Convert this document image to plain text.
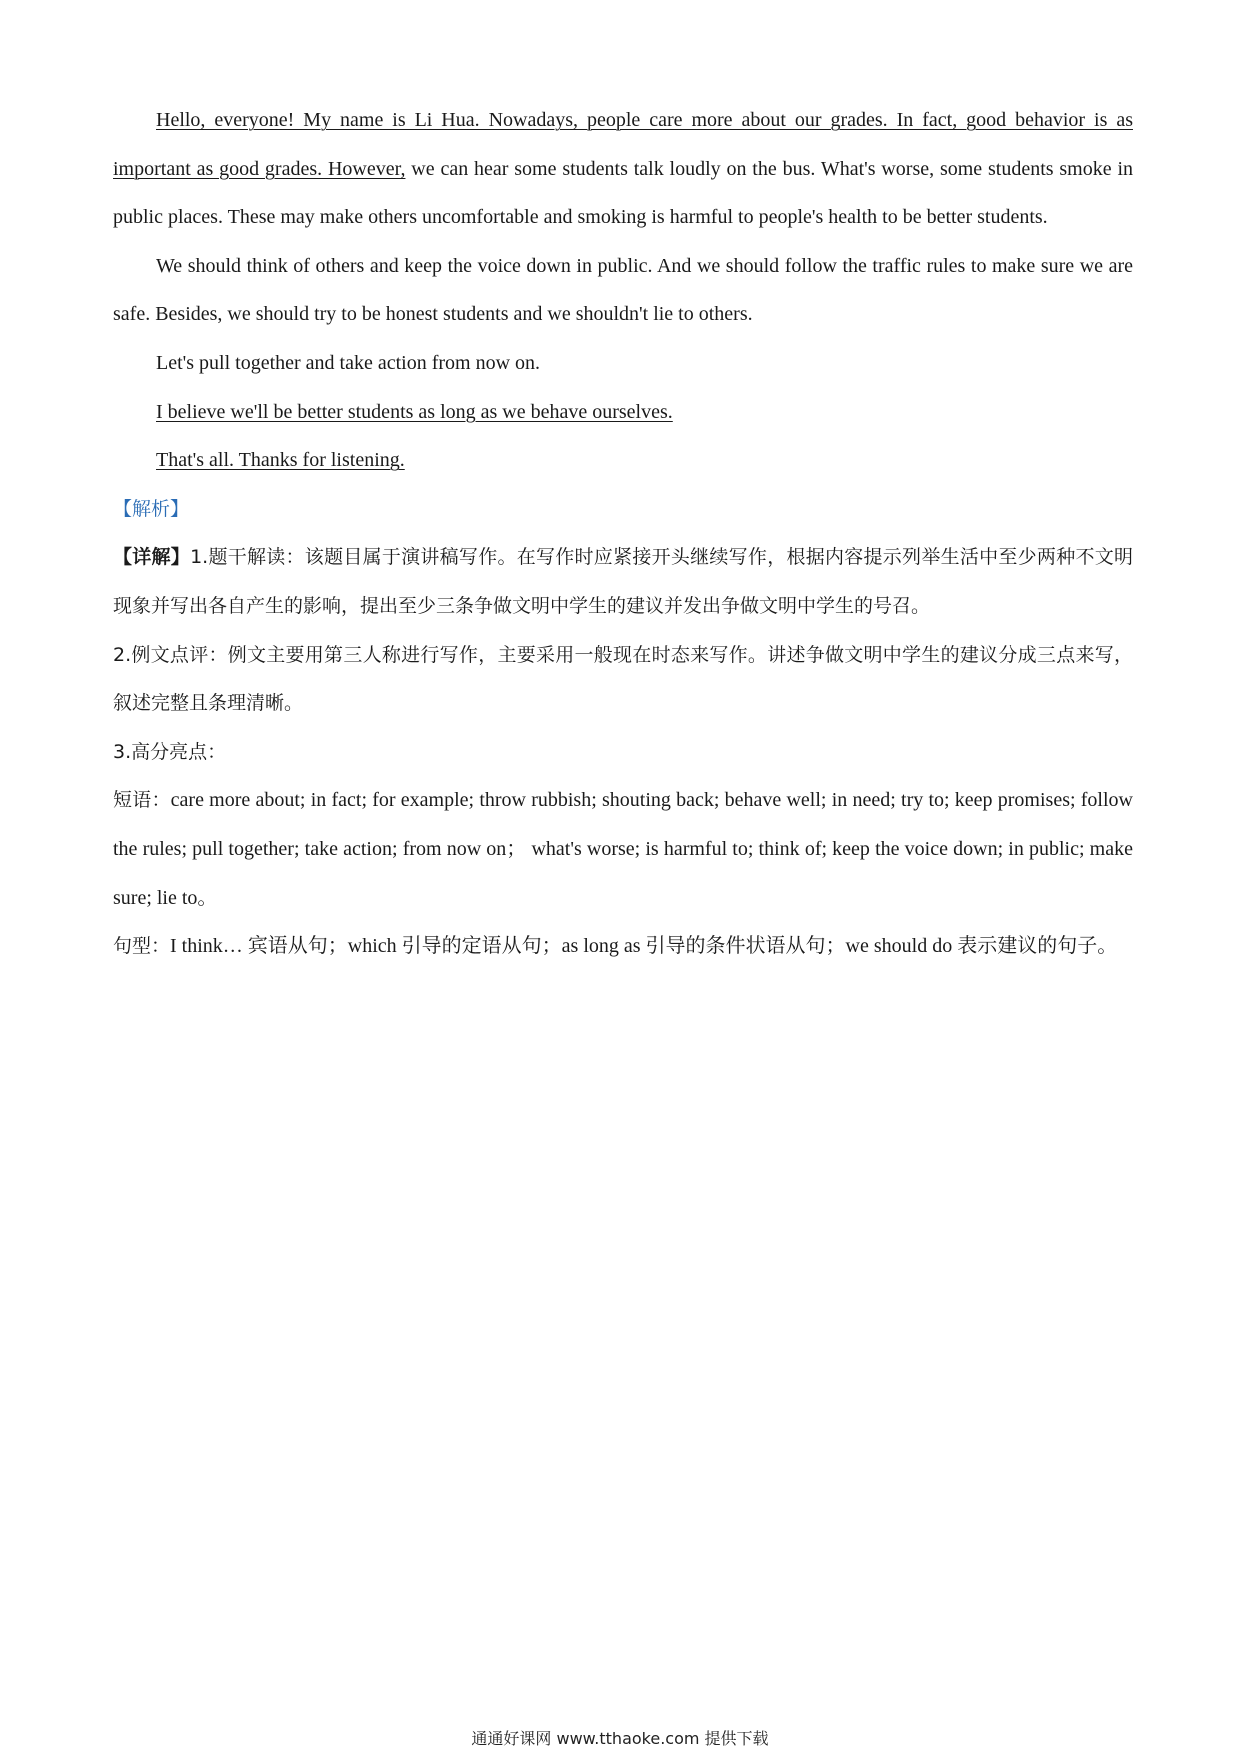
Hello, everyone! My name is Li Hua. Nowadays, people care more about our grades. In fact, good behavior is as important as good grades. However, we can hear some students talk loudly on the bus. What's worse, some students smoke in public places. These may make others uncomfortable and smoking is harmful to people's health to be better students.

We should think of others and keep the voice down in public. And we should follow the traffic rules to make sure we are safe. Besides, we should try to be honest students and we shouldn't lie to others.

Let's pull together and take action from now on.

I believe we'll be better students as long as we behave ourselves.

That's all. Thanks for listening.

【解析】

【详解】1.题干解读：该题目属于演讲稿写作。在写作时应紧接开头继续写作，根据内容提示列举生活中至少两种不文明现象并写出各自产生的影响，提出至少三条争做文明中学生的建议并发出争做文明中学生的号召。

2.例文点评：例文主要用第三人称进行写作，主要采用一般现在时态来写作。讲述争做文明中学生的建议分成三点来写，叙述完整且条理清晰。

3.高分亮点：

短语：care more about; in fact; for example; throw rubbish; shouting back; behave well; in need; try to; keep promises; follow the rules; pull together; take action; from now on； what's worse; is harmful to; think of; keep the voice down; in public; make sure; lie to。

句型：I think… 宾语从句；which 引导的定语从句；as long as 引导的条件状语从句；we should do 表示建议的句子。

通通好课网 www.tthaoke.com 提供下载
